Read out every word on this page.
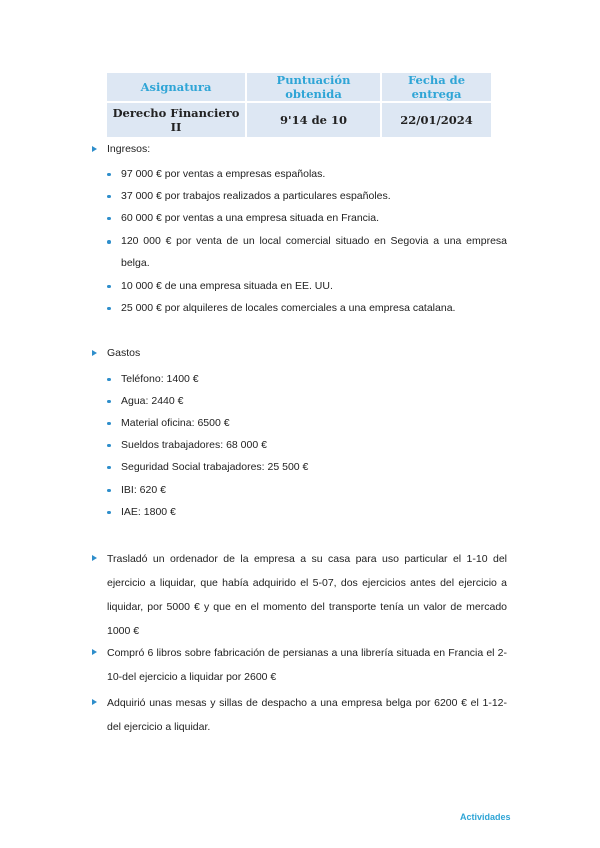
Asignatura	Puntuación obtenida	Fecha de entrega
Derecho Financiero II	9'14 de 10	22/01/2024
Ingresos:
97 000 € por ventas a empresas españolas.
37 000 € por trabajos realizados a particulares españoles.
60 000 € por ventas a una empresa situada en Francia.
120 000 € por venta de un local comercial situado en Segovia a una empresa belga.
10 000 € de una empresa situada en EE. UU.
25 000 € por alquileres de locales comerciales a una empresa catalana.
Gastos
Teléfono: 1400 €
Agua: 2440 €
Material oficina: 6500 €
Sueldos trabajadores: 68 000 €
Seguridad Social trabajadores: 25 500 €
IBI: 620 €
IAE: 1800 €
Trasladó un ordenador de la empresa a su casa para uso particular el 1-10 del ejercicio a liquidar, que había adquirido el 5-07, dos ejercicios antes del ejercicio a liquidar, por 5000 € y que en el momento del transporte tenía un valor de mercado 1000 €
Compró 6 libros sobre fabricación de persianas a una librería situada en Francia el 2-10-del ejercicio a liquidar por 2600 €
Adquirió unas mesas y sillas de despacho a una empresa belga por 6200 € el 1-12-del ejercicio a liquidar.
Actividades
